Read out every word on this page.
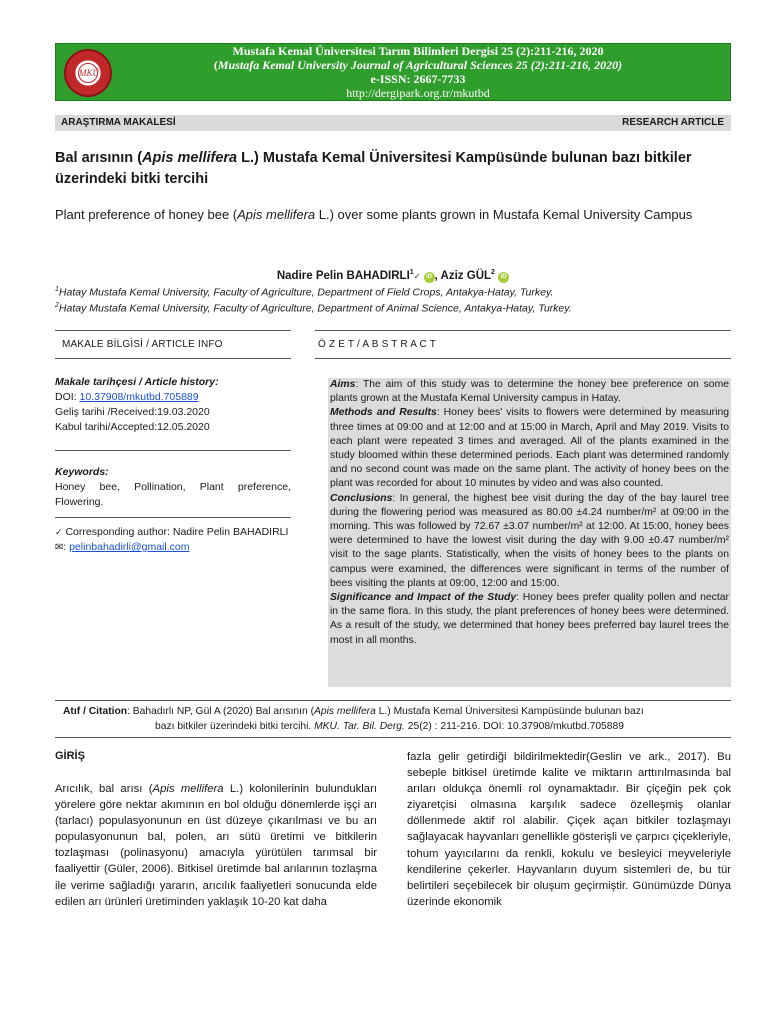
MKÜ
Mustafa Kemal Üniversitesi Tarım Bilimleri Dergisi 25 (2):211-216, 2020
(Mustafa Kemal University Journal of Agricultural Sciences 25 (2):211-216, 2020)
e-ISSN: 2667-7733
http://dergipark.org.tr/mkutbd
ARAŞTIRMA MAKALESİ	RESEARCH ARTICLE
Bal arısının (Apis mellifera L.) Mustafa Kemal Üniversitesi Kampüsünde bulunan bazı bitkiler üzerindeki bitki tercihi
Plant preference of honey bee (Apis mellifera L.) over some plants grown in Mustafa Kemal University Campus
Nadire Pelin BAHADIRLI$^1$✓ iD , Aziz GÜL$^2$ iD
$^1$Hatay Mustafa Kemal University, Faculty of Agriculture, Department of Field Crops, Antakya-Hatay, Turkey.
$^2$Hatay Mustafa Kemal University, Faculty of Agriculture, Department of Animal Science, Antakya-Hatay, Turkey.
MAKALE BİLGİSİ / ARTICLE INFO	Ö Z E T / A B S T R A C T
Makale tarihçesi / Article history:
DOI: 10.37908/mkutbd.705889
Geliş tarihi /Received:19.03.2020
Kabul tarihi/Accepted:12.05.2020
Keywords:
Honey bee, Pollination, Plant preference, Flowering.
✓ Corresponding author: Nadire Pelin BAHADIRLI
✉: pelinbahadirli@gmail.com
Aims: The aim of this study was to determine the honey bee preference on some plants grown at the Mustafa Kemal University campus in Hatay.
Methods and Results: Honey bees' visits to flowers were determined by measuring three times at 09:00 and at 12:00 and at 15:00 in March, April and May 2019. Visits to each plant were repeated 3 times and averaged. All of the plants examined in the study bloomed within these determined periods. Each plant was determined randomly and no second count was made on the same plant. The activity of honey bees on the plant was recorded for about 10 minutes by video and was also counted.
Conclusions: In general, the highest bee visit during the day of the bay laurel tree during the flowering period was measured as 80.00 ±4.24 number/m² at 09:00 in the morning. This was followed by 72.67 ±3.07 number/m² at 12:00. At 15:00, honey bees were determined to have the lowest visit during the day with 9.00 ±0.47 number/m² visit to the sage plants. Statistically, when the visits of honey bees to the plants on campus were examined, the differences were significant in terms of the number of bees visiting the plants at 09:00, 12:00 and 15:00.
Significance and Impact of the Study: Honey bees prefer quality pollen and nectar in the same flora. In this study, the plant preferences of honey bees were determined. As a result of the study, we determined that honey bees preferred bay laurel trees the most in all months.
Atıf / Citation: Bahadırlı NP, Gül A (2020) Bal arısının (Apis mellifera L.) Mustafa Kemal Üniversitesi Kampüsünde bulunan bazı
bazı bitkiler üzerindeki bitki tercihi. MKU. Tar. Bil. Derg. 25(2) : 211-216. DOI: 10.37908/mkutbd.705889
GİRİŞ
Arıcılık, bal arısı (Apis mellifera L.) kolonilerinin bulundukları yörelere göre nektar akımının en bol olduğu dönemlerde işçi arı (tarlacı) populasyonunun en üst düzeye çıkarılması ve bu arı populasyonunun bal, polen, arı sütü üretimi ve bitkilerin tozlaşması (polinasyonu) amacıyla yürütülen tarımsal bir faaliyettir (Güler, 2006). Bitkisel üretimde bal arılarının tozlaşma ile verime sağladığı yararın, arıcılık faaliyetleri sonucunda elde edilen arı ürünleri üretiminden yaklaşık 10-20 kat daha
fazla gelir getirdiği bildirilmektedir(Geslin ve ark., 2017). Bu sebeple bitkisel üretimde kalite ve miktarın arttırılmasında bal arıları oldukça önemli rol oynamaktadır. Bir çiçeğin pek çok ziyaretçisi olmasına karşılık sadece özelleşmiş olanlar döllenmede aktif rol alabilir. Çiçek açan bitkiler tozlaşmayı sağlayacak hayvanları genellikle gösterişli ve çarpıcı çiçekleriyle, tohum yayıcılarını da renkli, kokulu ve besleyici meyveleriyle kendilerine çekerler. Hayvanların duyum sistemleri de, bu tür belirtileri seçebilecek bir oluşum geçirmiştir. Günümüzde Dünya üzerinde ekonomik
